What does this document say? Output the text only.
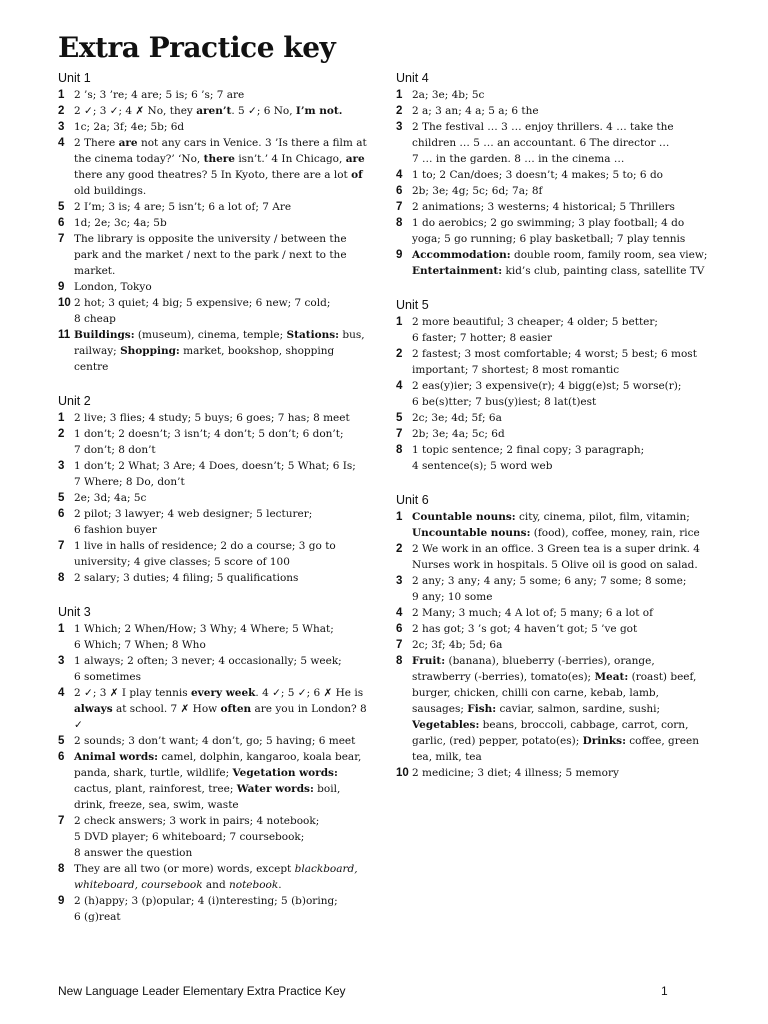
Extra Practice key
Unit 1
1 2 ’s; 3 ’re; 4 are; 5 is; 6 ’s; 7 are
2 2 ✓; 3 ✓; 4 ✗ No, they aren’t. 5 ✓; 6 No, I’m not.
3 1c; 2a; 3f; 4e; 5b; 6d
4 2 There are not any cars in Venice. 3 ’Is there a film at the cinema today?’ ‘No, there isn’t.’ 4 In Chicago, are there any good theatres? 5 In Kyoto, there are a lot of old buildings.
5 2 I’m; 3 is; 4 are; 5 isn’t; 6 a lot of; 7 Are
6 1d; 2e; 3c; 4a; 5b
7 The library is opposite the university / between the park and the market / next to the park / next to the market.
9 London, Tokyo
10 2 hot; 3 quiet; 4 big; 5 expensive; 6 new; 7 cold;
8 cheap
11 Buildings: (museum), cinema, temple; Stations: bus, railway; Shopping: market, bookshop, shopping centre
Unit 2
1 2 live; 3 flies; 4 study; 5 buys; 6 goes; 7 has; 8 meet
2 1 don’t; 2 doesn’t; 3 isn’t; 4 don’t; 5 don’t; 6 don’t;
7 don’t; 8 don’t
3 1 don’t; 2 What; 3 Are; 4 Does, doesn’t; 5 What; 6 Is;
7 Where; 8 Do, don’t
5 2e; 3d; 4a; 5c
6 2 pilot; 3 lawyer; 4 web designer; 5 lecturer;
6 fashion buyer
7 1 live in halls of residence; 2 do a course; 3 go to university; 4 give classes; 5 score of 100
8 2 salary; 3 duties; 4 filing; 5 qualifications
Unit 3
1 1 Which; 2 When/How; 3 Why; 4 Where; 5 What;
6 Which; 7 When; 8 Who
3 1 always; 2 often; 3 never; 4 occasionally; 5 week;
6 sometimes
4 2 ✓; 3 ✗ I play tennis every week. 4 ✓; 5 ✓; 6 ✗ He is always at school. 7 ✗ How often are you in London? 8 ✓
5 2 sounds; 3 don’t want; 4 don’t, go; 5 having; 6 meet
6 Animal words: camel, dolphin, kangaroo, koala bear, panda, shark, turtle, wildlife; Vegetation words: cactus, plant, rainforest, tree; Water words: boil, drink, freeze, sea, swim, waste
7 2 check answers; 3 work in pairs; 4 notebook;
5 DVD player; 6 whiteboard; 7 coursebook;
8 answer the question
8 They are all two (or more) words, except blackboard, whiteboard, coursebook and notebook.
9 2 (h)appy; 3 (p)opular; 4 (i)nteresting; 5 (b)oring;
6 (g)reat
Unit 4
1 2a; 3e; 4b; 5c
2 2 a; 3 an; 4 a; 5 a; 6 the
3 2 The festival … 3 … enjoy thrillers. 4 … take the children … 5 … an accountant. 6 The director …
7 … in the garden. 8 … in the cinema …
4 1 to; 2 Can/does; 3 doesn’t; 4 makes; 5 to; 6 do
6 2b; 3e; 4g; 5c; 6d; 7a; 8f
7 2 animations; 3 westerns; 4 historical; 5 Thrillers
8 1 do aerobics; 2 go swimming; 3 play football; 4 do yoga; 5 go running; 6 play basketball; 7 play tennis
9 Accommodation: double room, family room, sea view; Entertainment: kid’s club, painting class, satellite TV
Unit 5
1 2 more beautiful; 3 cheaper; 4 older; 5 better;
6 faster; 7 hotter; 8 easier
2 2 fastest; 3 most comfortable; 4 worst; 5 best; 6 most important; 7 shortest; 8 most romantic
4 2 eas(y)ier; 3 expensive(r); 4 bigg(e)st; 5 worse(r);
6 be(s)tter; 7 bus(y)iest; 8 lat(t)est
5 2c; 3e; 4d; 5f; 6a
7 2b; 3e; 4a; 5c; 6d
8 1 topic sentence; 2 final copy; 3 paragraph;
4 sentence(s); 5 word web
Unit 6
1 Countable nouns: city, cinema, pilot, film, vitamin; Uncountable nouns: (food), coffee, money, rain, rice
2 2 We work in an office. 3 Green tea is a super drink. 4 Nurses work in hospitals. 5 Olive oil is good on salad.
3 2 any; 3 any; 4 any; 5 some; 6 any; 7 some; 8 some;
9 any; 10 some
4 2 Many; 3 much; 4 A lot of; 5 many; 6 a lot of
6 2 has got; 3 ’s got; 4 haven’t got; 5 ’ve got
7 2c; 3f; 4b; 5d; 6a
8 Fruit: (banana), blueberry (-berries), orange, strawberry (-berries), tomato(es); Meat: (roast) beef, burger, chicken, chilli con carne, kebab, lamb, sausages; Fish: caviar, salmon, sardine, sushi; Vegetables: beans, broccoli, cabbage, carrot, corn, garlic, (red) pepper, potato(es); Drinks: coffee, green tea, milk, tea
10 2 medicine; 3 diet; 4 illness; 5 memory
New Language Leader Elementary Extra Practice Key	1
